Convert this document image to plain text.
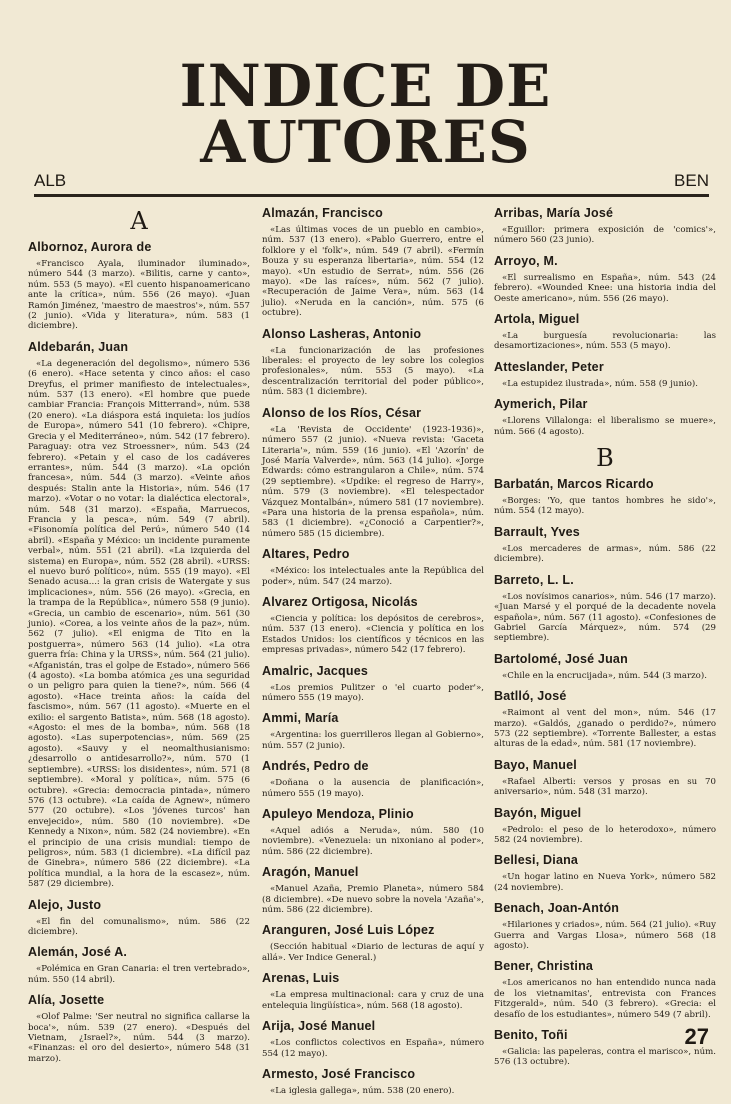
INDICE DE
AUTORES
ALB	BEN
A
Albornoz, Aurora de
«Francisco Ayala, iluminador iluminado», número 544 (3 marzo). «Bilitis, carne y canto», núm. 553 (5 mayo). «El cuento hispanoamericano ante la crítica», núm. 556 (26 mayo). «Juan Ramón Jiménez, 'maestro de maestros'», núm. 557 (2 junio). «Vida y literatura», núm. 583 (1 diciembre).
Aldebarán, Juan
«La degeneración del degolismo», número 536 (6 enero). «Hace setenta y cinco años: el caso Dreyfus, el primer manifiesto de intelectuales», núm. 537 (13 enero). «El hombre que puede cambiar Francia: François Mitterrand», núm. 538 (20 enero). «La diáspora está inquieta: los judíos de Europa», número 541 (10 febrero). «Chipre, Grecia y el Mediterráneo», núm. 542 (17 febrero). Paraguay: otra vez Stroessner», núm. 543 (24 febrero). «Petain y el caso de los cadáveres errantes», núm. 544 (3 marzo). «La opción francesa», núm. 544 (3 marzo). «Veinte años después: Stalin ante la Historia», núm. 546 (17 marzo). «Votar o no votar: la dialéctica electoral», núm. 548 (31 marzo). «España, Marruecos, Francia y la pesca», núm. 549 (7 abril). «Fisonomía política del Perú», número 540 (14 abril). «España y México: un incidente puramente verbal», núm. 551 (21 abril). «La izquierda del sistema) en Europa», núm. 552 (28 abril). «URSS: el nuevo buró político», núm. 555 (19 mayo). «El Senado acusa...: la gran crisis de Watergate y sus implicaciones», núm. 556 (26 mayo). «Grecia, en la trampa de la República», número 558 (9 junio). «Grecia, un cambio de escenario», núm. 561 (30 junio). «Corea, a los veinte años de la paz», núm. 562 (7 julio). «El enigma de Tito en la postguerra», número 563 (14 julio). «La otra guerra fría: China y la URSS», núm. 564 (21 julio). «Afganistán, tras el golpe de Estado», número 566 (4 agosto). «La bomba atómica ¿es una seguridad o un peligro para quien la tiene?», núm. 566 (4 agosto). «Hace treinta años: la caída del fascismo», núm. 567 (11 agosto). «Muerte en el exilio: el sargento Batista», núm. 568 (18 agosto). «Agosto: el mes de la bomba», núm. 568 (18 agosto). «Las superpotencias», núm. 569 (25 agosto). «Sauvy y el neomalthusianismo: ¿desarrollo o antidesarrollo?», núm. 570 (1 septiembre). «URSS: los disidentes», núm. 571 (8 septiembre). «Moral y política», núm. 575 (6 octubre). «Grecia: democracia pintada», número 576 (13 octubre). «La caída de Agnew», número 577 (20 octubre). «Los 'jóvenes turcos' han envejecido», núm. 580 (10 noviembre). «De Kennedy a Nixon», núm. 582 (24 noviembre). «En el principio de una crisis mundial: tiempo de peligros», núm. 583 (1 diciembre). «La difícil paz de Ginebra», número 586 (22 diciembre). «La política mundial, a la hora de la escasez», núm. 587 (29 diciembre).
Alejo, Justo
«El fin del comunalismo», núm. 586 (22 diciembre).
Alemán, José A.
«Polémica en Gran Canaria: el tren vertebrado», núm. 550 (14 abril).
Alía, Josette
«Olof Palme: 'Ser neutral no significa callarse la boca'», núm. 539 (27 enero). «Después del Vietnam, ¿Israel?», núm. 544 (3 marzo). «Finanzas: el oro del desierto», número 548 (31 marzo).
Almazán, Francisco
«Las últimas voces de un pueblo en cambio», núm. 537 (13 enero). «Pablo Guerrero, entre el folklore y el 'folk'», núm. 549 (7 abril). «Fermín Bouza y su esperanza libertaria», núm. 554 (12 mayo). «Un estudio de Serrat», núm. 556 (26 mayo). «De las raíces», núm. 562 (7 julio). «Recuperación de Jaime Vera», núm. 563 (14 julio). «Neruda en la canción», núm. 575 (6 octubre).
Alonso Lasheras, Antonio
«La funcionarización de las profesiones liberales: el proyecto de ley sobre los colegios profesionales», núm. 553 (5 mayo). «La descentralización territorial del poder público», núm. 583 (1 diciembre).
Alonso de los Ríos, César
«La 'Revista de Occidente' (1923-1936)», número 557 (2 junio). «Nueva revista: 'Gaceta Literaria'», núm. 559 (16 junio). «El 'Azorín' de José María Valverde», núm. 563 (14 julio). «Jorge Edwards: cómo estrangularon a Chile», núm. 574 (29 septiembre). «Updike: el regreso de Harry», núm. 579 (3 noviembre). «El telespectador Vázquez Montalbán», número 581 (17 noviembre). «Para una historia de la prensa española», núm. 583 (1 diciembre). «¿Conoció a Carpentier?», número 585 (15 diciembre).
Altares, Pedro
«México: los intelectuales ante la República del poder», núm. 547 (24 marzo).
Alvarez Ortigosa, Nicolás
«Ciencia y política: los depósitos de cerebros», núm. 537 (13 enero). «Ciencia y política en los Estados Unidos: los científicos y técnicos en las empresas privadas», número 542 (17 febrero).
Amalric, Jacques
«Los premios Pulitzer o 'el cuarto poder'», número 555 (19 mayo).
Ammi, María
«Argentina: los guerrilleros llegan al Gobierno», núm. 557 (2 junio).
Andrés, Pedro de
«Doñana o la ausencia de planificación», número 555 (19 mayo).
Apuleyo Mendoza, Plinio
«Aquel adiós a Neruda», núm. 580 (10 noviembre). «Venezuela: un nixoniano al poder», núm. 586 (22 diciembre).
Aragón, Manuel
«Manuel Azaña, Premio Planeta», número 584 (8 diciembre). «De nuevo sobre la novela 'Azaña'», núm. 586 (22 diciembre).
Aranguren, José Luis López
(Sección habitual «Diario de lecturas de aquí y allá». Ver Indice General.)
Arenas, Luis
«La empresa multinacional: cara y cruz de una entelequia lingüística», núm. 568 (18 agosto).
Arija, José Manuel
«Los conflictos colectivos en España», número 554 (12 mayo).
Armesto, José Francisco
«La iglesia gallega», núm. 538 (20 enero).
Arribas, María José
«Eguillor: primera exposición de 'comics'», número 560 (23 junio).
Arroyo, M.
«El surrealismo en España», núm. 543 (24 febrero). «Wounded Knee: una historia india del Oeste americano», núm. 556 (26 mayo).
Artola, Miguel
«La burguesía revolucionaria: las desamortizaciones», núm. 553 (5 mayo).
Atteslander, Peter
«La estupidez ilustrada», núm. 558 (9 junio).
Aymerich, Pilar
«Llorens Villalonga: el liberalismo se muere», núm. 566 (4 agosto).
B
Barbatán, Marcos Ricardo
«Borges: 'Yo, que tantos hombres he sido'», núm. 554 (12 mayo).
Barrault, Yves
«Los mercaderes de armas», núm. 586 (22 diciembre).
Barreto, L. L.
«Los novísimos canarios», núm. 546 (17 marzo). «Juan Marsé y el porqué de la decadente novela española», núm. 567 (11 agosto). «Confesiones de Gabriel García Márquez», núm. 574 (29 septiembre).
Bartolomé, José Juan
«Chile en la encrucijada», núm. 544 (3 marzo).
Batlló, José
«Raimont al vent del mon», núm. 546 (17 marzo). «Galdós, ¿ganado o perdido?», número 573 (22 septiembre). «Torrente Ballester, a estas alturas de la edad», núm. 581 (17 noviembre).
Bayo, Manuel
«Rafael Alberti: versos y prosas en su 70 aniversario», núm. 548 (31 marzo).
Bayón, Miguel
«Pedrolo: el peso de lo heterodoxo», número 582 (24 noviembre).
Bellesi, Diana
«Un hogar latino en Nueva York», número 582 (24 noviembre).
Benach, Joan-Antón
«Hilariones y criados», núm. 564 (21 julio). «Ruy Guerra and Vargas Llosa», número 568 (18 agosto).
Bener, Christina
«Los americanos no han entendido nunca nada de los vietnamitas', entrevista con Frances Fitzgerald», núm. 540 (3 febrero). «Grecia: el desafío de los estudiantes», número 549 (7 abril).
Benito, Toñi
«Galicia: las papeleras, contra el marisco», núm. 576 (13 octubre).
27
